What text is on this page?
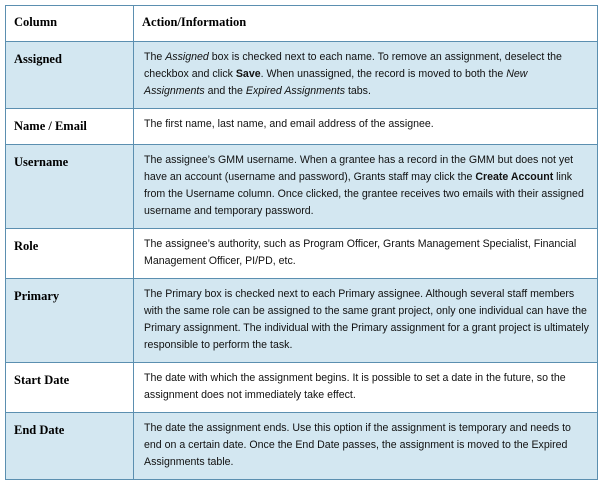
Column	Action/Information
Assigned	The Assigned box is checked next to each name. To remove an assignment, deselect the checkbox and click Save. When unassigned, the record is moved to both the New Assignments and the Expired Assignments tabs.
Name / Email	The first name, last name, and email address of the assignee.
Username	The assignee’s GMM username. When a grantee has a record in the GMM but does not yet have an account (username and password), Grants staff may click the Create Account link from the Username column. Once clicked, the grantee receives two emails with their assigned username and temporary password.
Role	The assignee’s authority, such as Program Officer, Grants Management Specialist, Financial Management Officer, PI/PD, etc.
Primary	The Primary box is checked next to each Primary assignee. Although several staff members with the same role can be assigned to the same grant project, only one individual can have the Primary assignment. The individual with the Primary assignment for a grant project is ultimately responsible to perform the task.
Start Date	The date with which the assignment begins. It is possible to set a date in the future, so the assignment does not immediately take effect.
End Date	The date the assignment ends. Use this option if the assignment is temporary and needs to end on a certain date. Once the End Date passes, the assignment is moved to the Expired Assignments table.
